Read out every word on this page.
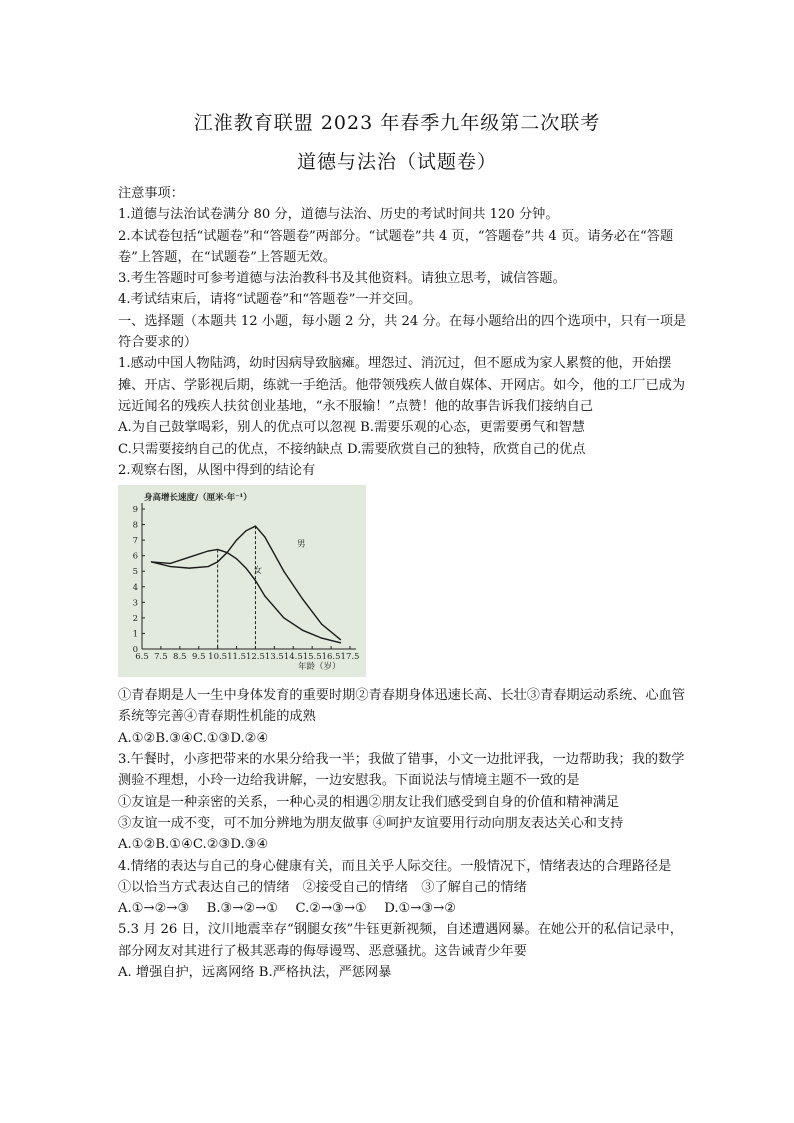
江淮教育联盟 2023 年春季九年级第二次联考
道德与法治（试题卷）

注意事项：

1.道德与法治试卷满分 80 分，道德与法治、历史的考试时间共 120 分钟。

2.本试卷包括“试题卷”和“答题卷”两部分。“试题卷”共 4 页，“答题卷”共 4 页。请务必在“答题卷”上答题，在“试题卷”上答题无效。

3.考生答题时可参考道德与法治教科书及其他资料。请独立思考，诚信答题。

4.考试结束后，请将“试题卷”和“答题卷”一并交回。

一、选择题（本题共 12 小题，每小题 2 分，共 24 分。在每小题给出的四个选项中，只有一项是符合要求的）

1.感动中国人物陆鸿，幼时因病导致脑瘫。埋怨过、消沉过，但不愿成为家人累赘的他，开始摆摊、开店、学影视后期，练就一手绝活。他带领残疾人做自媒体、开网店。如今，他的工厂已成为远近闻名的残疾人扶贫创业基地，“永不服输！”点赞！他的故事告诉我们接纳自己

A.为自己鼓掌喝彩，别人的优点可以忽视 B.需要乐观的心态，更需要勇气和智慧

C.只需要接纳自己的优点，不接纳缺点 D.需要欣赏自己的独特，欣赏自己的优点

2.观察右图，从图中得到的结论有

身高增长速度/（厘米·年⁻¹）
年龄（岁）
0
1
2
3
4
5
6
7
8
9
6.5 7.5 8.5 9.5 10.5 11.5 12.5 13.5 14.5 15.5 16.5 17.5
男
女

①青春期是人一生中身体发育的重要时期②青春期身体迅速长高、长壮③青春期运动系统、心血管系统等完善④青春期性机能的成熟

A.①②B.③④C.①③D.②④

3.午餐时，小彦把带来的水果分给我一半；我做了错事，小文一边批评我，一边帮助我；我的数学测验不理想，小玲一边给我讲解，一边安慰我。下面说法与情境主题不一致的是

①友谊是一种亲密的关系，一种心灵的相遇②朋友让我们感受到自身的价值和精神满足

③友谊一成不变，可不加分辨地为朋友做事 ④呵护友谊要用行动向朋友表达关心和支持

A.①②B.①④C.②③D.③④

4.情绪的表达与自己的身心健康有关，而且关乎人际交往。一般情况下，情绪表达的合理路径是

①以恰当方式表达自己的情绪　②接受自己的情绪　③了解自己的情绪

A.①→②→③　 B.③→②→①　 C.②→③→①　 D.①→③→②

5.3 月 26 日，汶川地震幸存“钢腿女孩”牛钰更新视频，自述遭遇网暴。在她公开的私信记录中，部分网友对其进行了极其恶毒的侮辱谩骂、恶意骚扰。这告诫青少年要

A. 增强自护，远离网络 B.严格执法，严惩网暴
